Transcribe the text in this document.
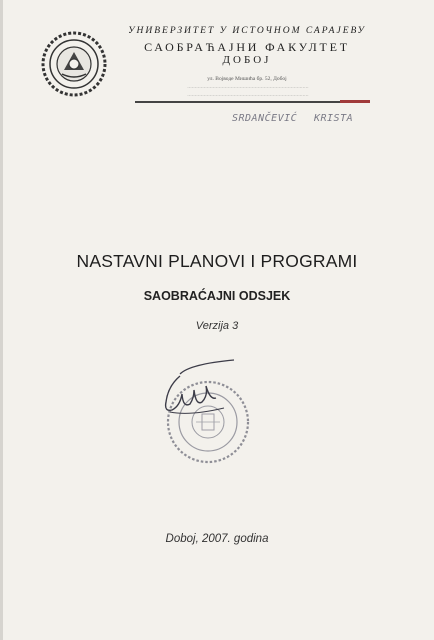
УНИВЕРЗИТЕТ У ИСТОЧНОМ САРАЈЕВУ
САОБРАЋАЈНИ ФАКУЛТЕТ
ДОБОЈ
ул. Војводе Мишића бр. 52, Добој
·················································································
·················································································
SRDANČEVIĆ KRISTA
NASTAVNI PLANOVI I PROGRAMI
SAOBRAĆAJNI ODSJEK
Verzija 3
Doboj, 2007. godina
